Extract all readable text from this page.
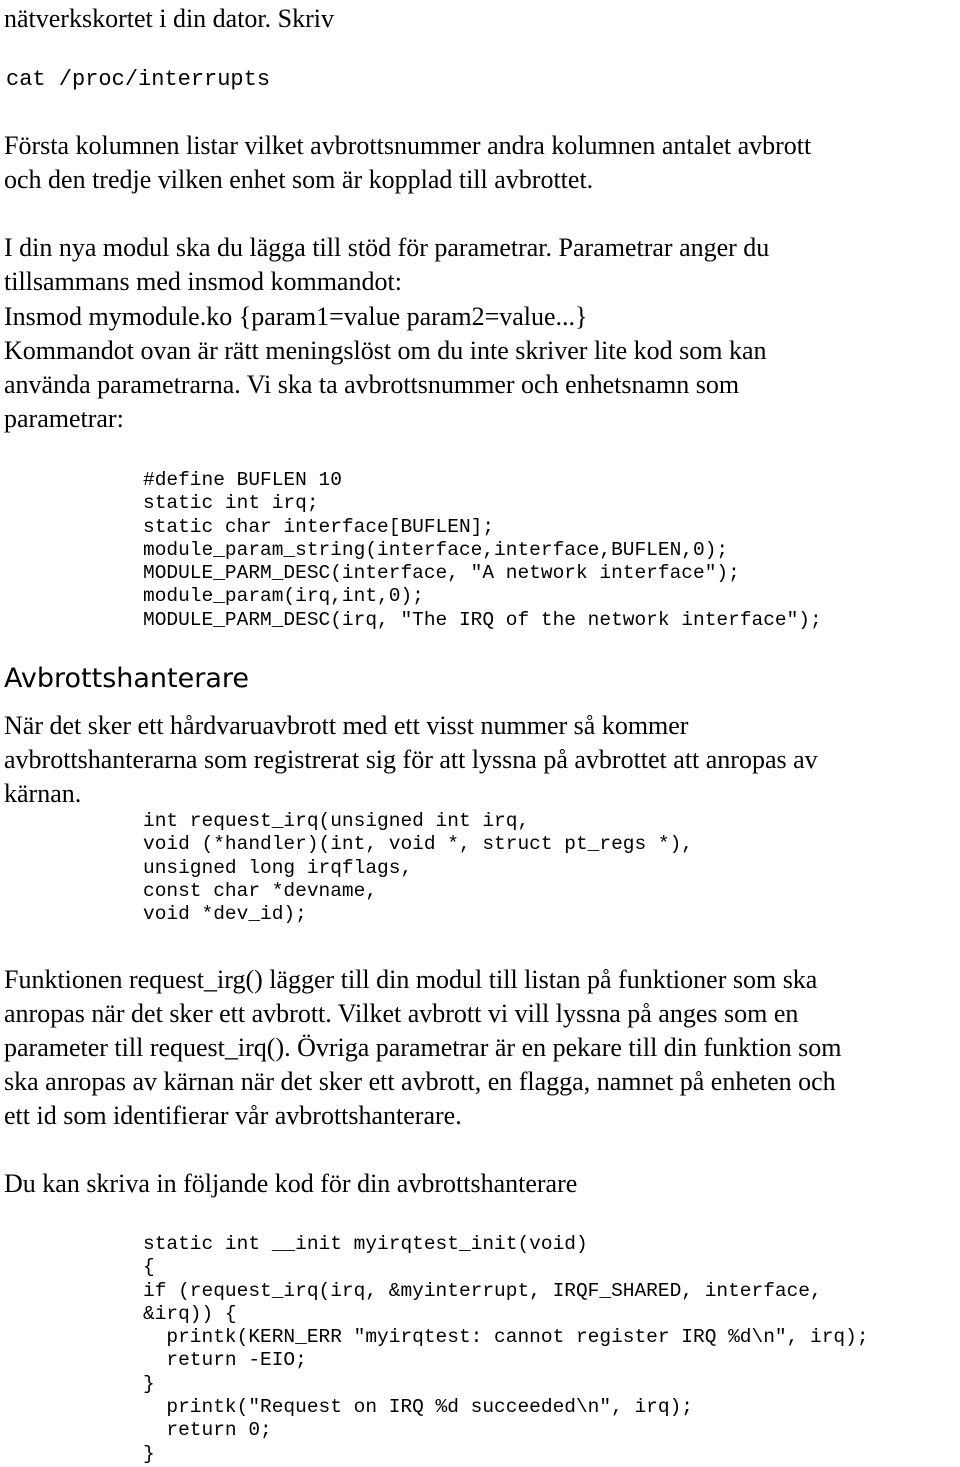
nätverkskortet i din dator. Skriv

cat /proc/interrupts

Första kolumnen listar vilket avbrottsnummer andra kolumnen antalet avbrott

och den tredje vilken enhet som är kopplad till avbrottet.

I din nya modul ska du lägga till stöd för parametrar. Parametrar anger du

tillsammans med insmod kommandot:

Insmod mymodule.ko {param1=value param2=value...}

Kommandot ovan är rätt meningslöst om du inte skriver lite kod som kan

använda parametrarna. Vi ska ta avbrottsnummer och enhetsnamn som

parametrar:

#define BUFLEN 10
static int irq;
static char interface[BUFLEN];
module_param_string(interface,interface,BUFLEN,0);
MODULE_PARM_DESC(interface, "A network interface");
module_param(irq,int,0);
MODULE_PARM_DESC(irq, "The IRQ of the network interface");

Avbrottshanterare

När det sker ett hårdvaruavbrott med ett visst nummer så kommer

avbrottshanterarna som registrerat sig för att lyssna på avbrottet att anropas av

kärnan.

int request_irq(unsigned int irq,
void (*handler)(int, void *, struct pt_regs *),
unsigned long irqflags,
const char *devname,
void *dev_id);

Funktionen request_irg() lägger till din modul till listan på funktioner som ska

anropas när det sker ett avbrott. Vilket avbrott vi vill lyssna på anges som en

parameter till request_irq(). Övriga parametrar är en pekare till din funktion som

ska anropas av kärnan när det sker ett avbrott, en flagga, namnet på enheten och

ett id som identifierar vår avbrottshanterare.

Du kan skriva in följande kod för din avbrottshanterare

static int __init myirqtest_init(void)
{
if (request_irq(irq, &myinterrupt, IRQF_SHARED, interface,
&irq)) {
printk(KERN_ERR "myirqtest: cannot register IRQ %d\n", irq);
return -EIO;
}
printk("Request on IRQ %d succeeded\n", irq);
return 0;
}
